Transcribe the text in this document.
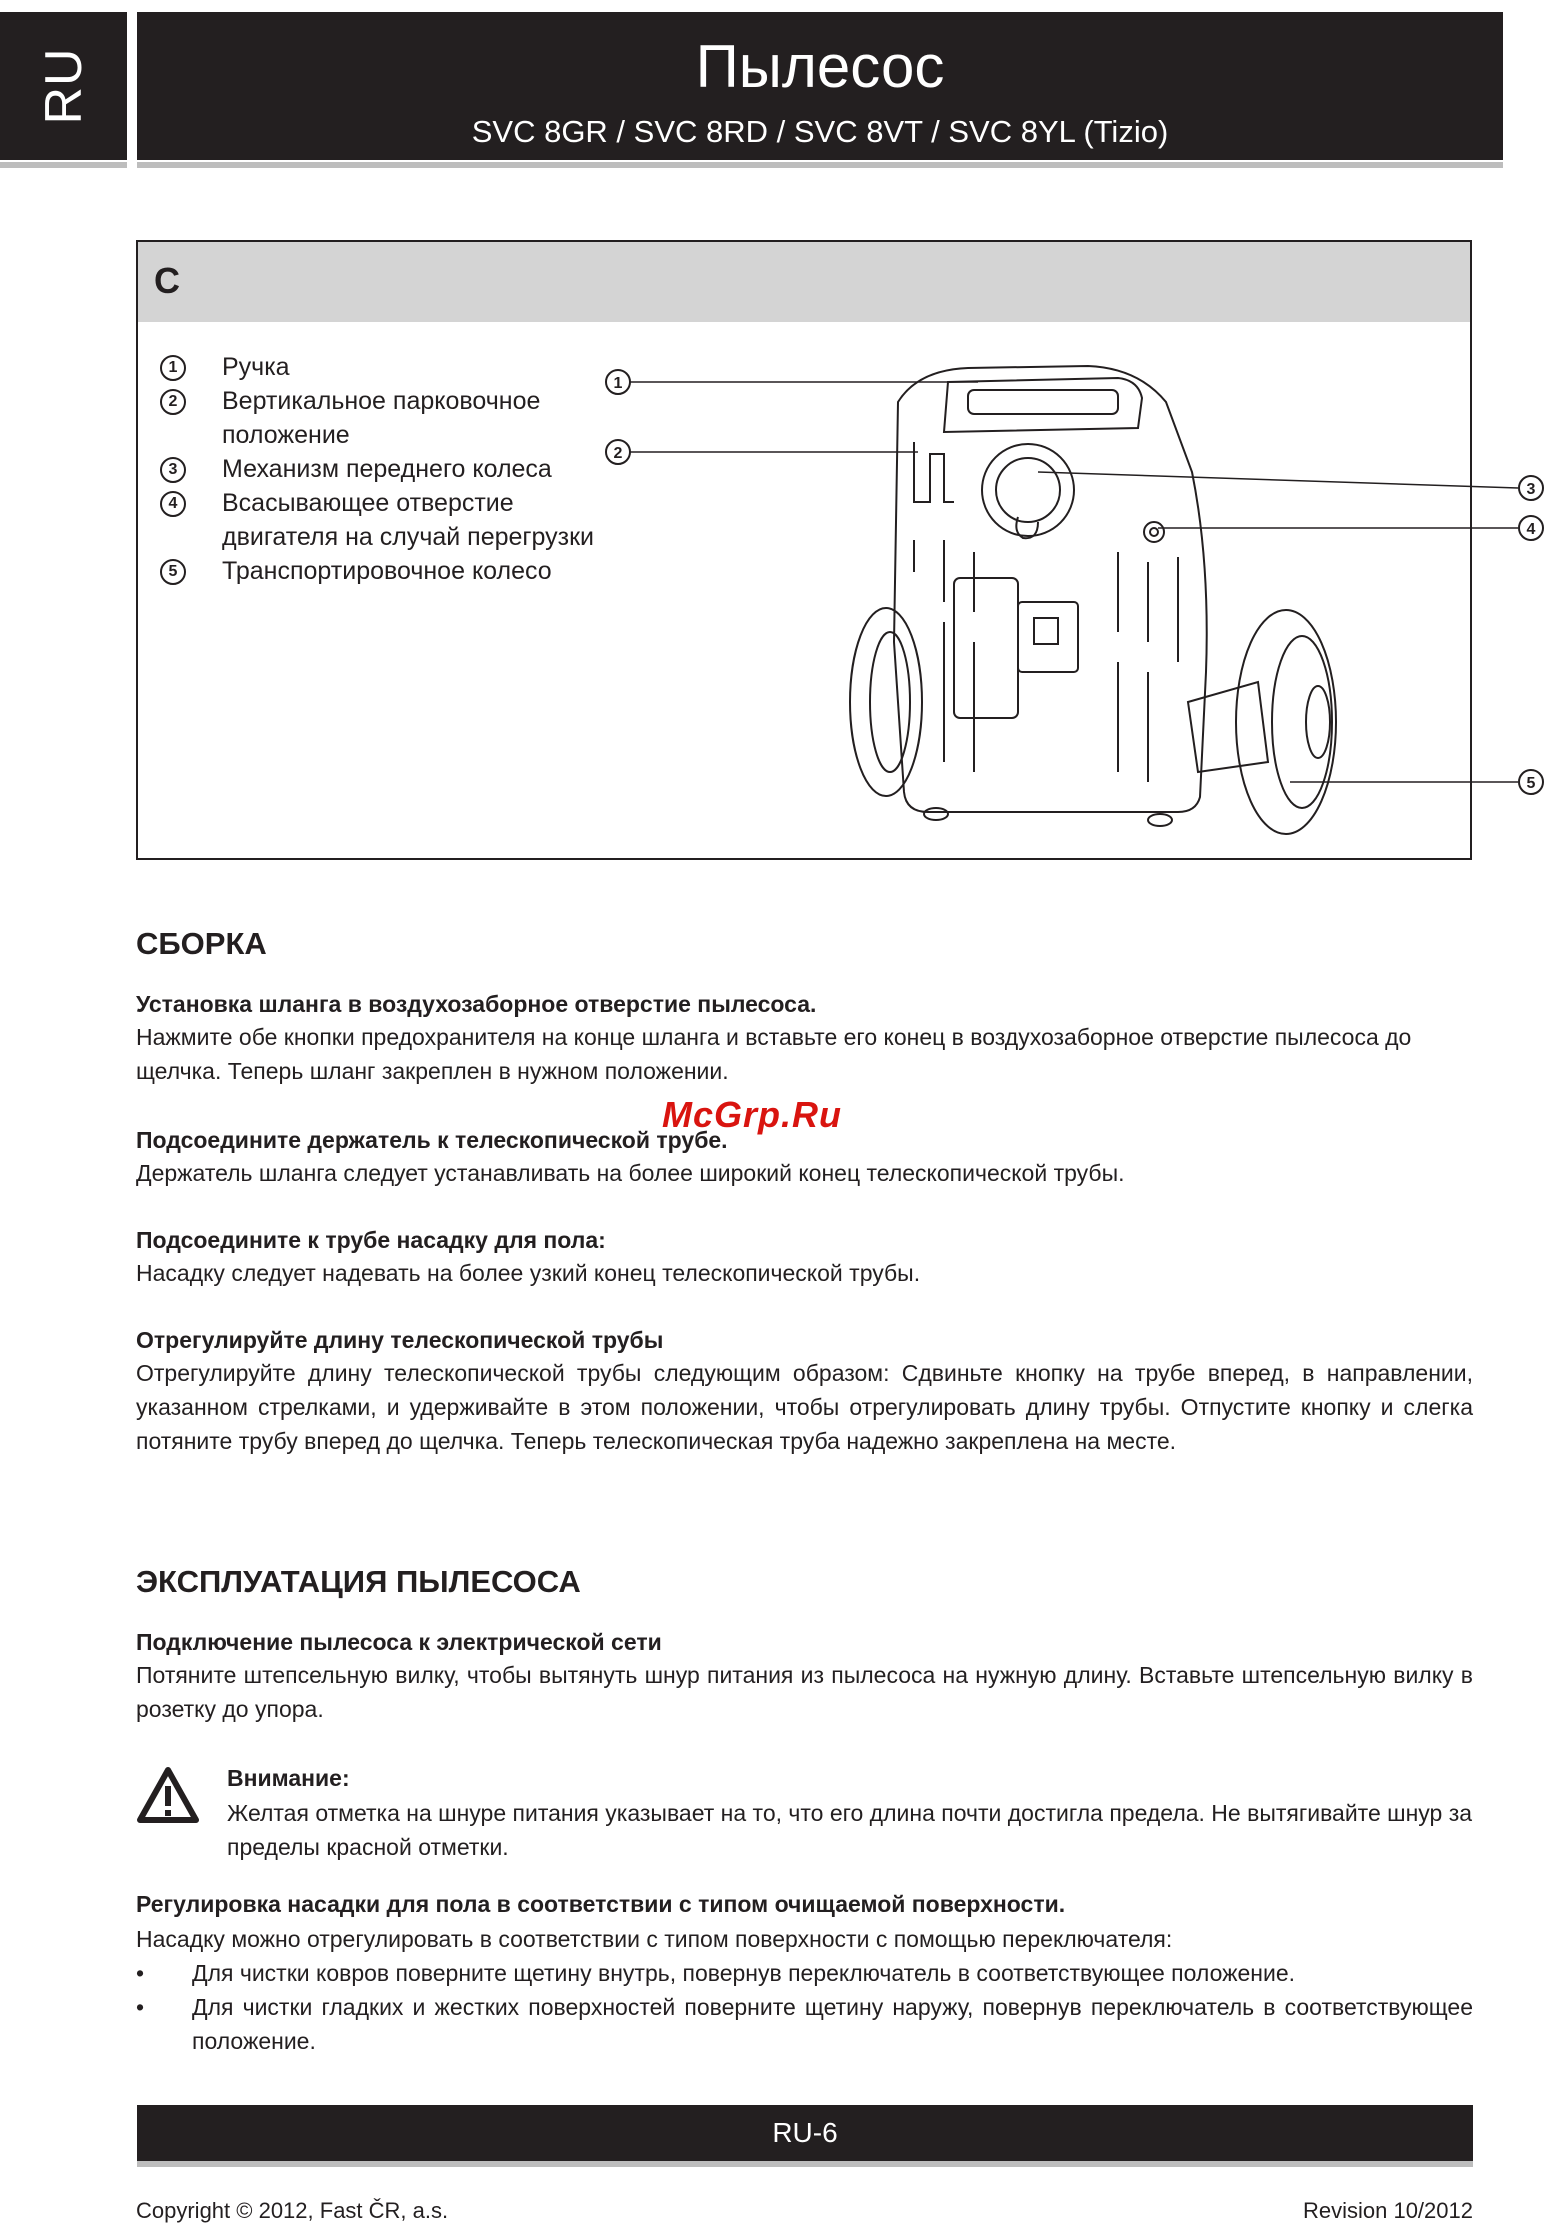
RU	Пылесос
SVC 8GR / SVC 8RD / SVC 8VT / SVC 8YL (Tizio)
C
1	Ручка
2	Вертикальное парковочное положение
3	Механизм переднего колеса
4	Всасывающее отверстие двигателя на случай перегрузки
5	Транспортировочное колесо
1
2
3
4
5
СБОРКА
Установка шланга в воздухозаборное отверстие пылесоса.
Нажмите обе кнопки предохранителя на конце шланга и вставьте его конец в воздухозаборное отверстие пылесоса до щелчка. Теперь шланг закреплен в нужном положении.
Подсоедините держатель к телескопической трубе.
Держатель шланга следует устанавливать на более широкий конец телескопической трубы.
Подсоедините к трубе насадку для пола:
Насадку следует надевать на более узкий конец телескопической трубы.
Отрегулируйте длину телескопической трубы
Отрегулируйте длину телескопической трубы следующим образом: Сдвиньте кнопку на трубе вперед, в направлении, указанном стрелками, и удерживайте в этом положении, чтобы отрегулировать длину трубы. Отпустите кнопку и слегка потяните трубу вперед до щелчка. Теперь телескопическая труба надежно закреплена на месте.
McGrp.Ru
ЭКСПЛУАТАЦИЯ ПЫЛЕСОСА
Подключение пылесоса к электрической сети
Потяните штепсельную вилку, чтобы вытянуть шнур питания из пылесоса на нужную длину. Вставьте штепсельную вилку в розетку до упора.
Внимание:
Желтая отметка на шнуре питания указывает на то, что его длина почти достигла предела. Не вытягивайте шнур за пределы красной отметки.
Регулировка насадки для пола в соответствии с типом очищаемой поверхности.
Насадку можно отрегулировать в соответствии с типом поверхности с помощью переключателя:
• Для чистки ковров поверните щетину внутрь, повернув переключатель в соответствующее положение.
• Для чистки гладких и жестких поверхностей поверните щетину наружу, повернув переключатель в соответствующее положение.
RU-6
Copyright © 2012, Fast ČR, a.s.	Revision 10/2012
